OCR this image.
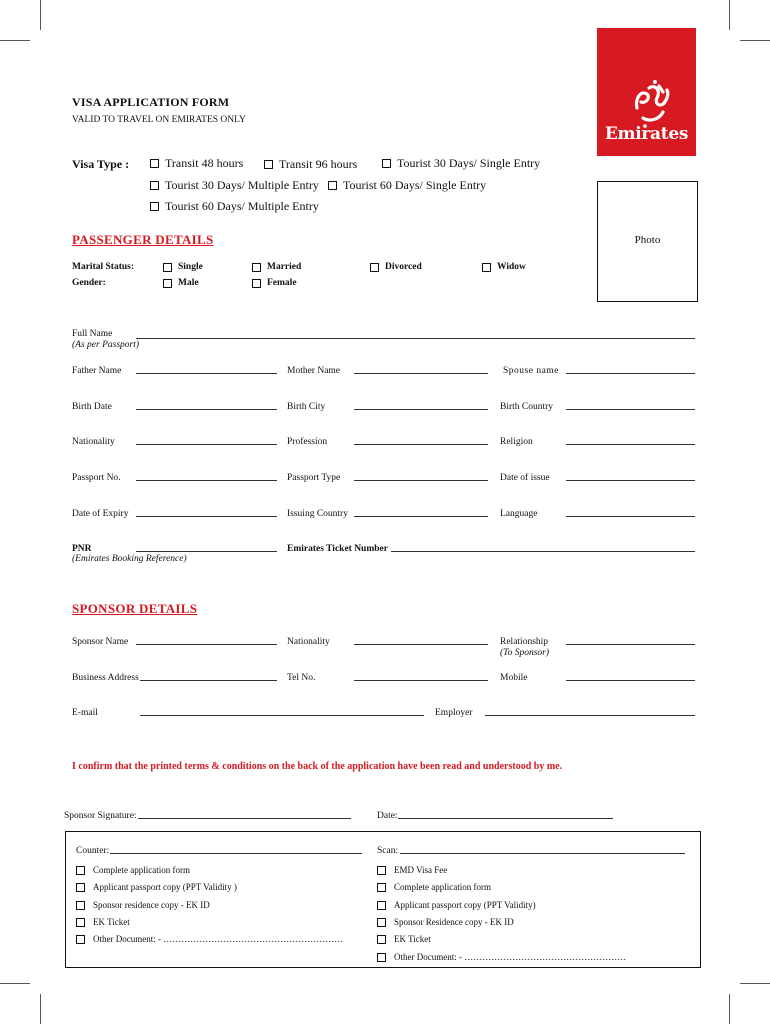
VISA APPLICATION FORM
VALID TO TRAVEL ON EMIRATES ONLY
Emirates
Visa Type :	Transit 48 hours	Transit 96 hours	Tourist 30 Days/ Single Entry
Tourist 30 Days/ Multiple Entry Tourist 60 Days/ Single Entry
Tourist 60 Days/ Multiple Entry
Photo
PASSENGER DETAILS
Marital Status:	Single	Married	Divorced	Widow
Gender:	Male	Female
Full Name
(As per Passport)
Father Name	Mother Name	Spouse name
Birth Date	Birth City	Birth Country
Nationality	Profession	Religion
Passport No.	Passport Type	Date of issue
Date of Expiry	Issuing Country	Language
PNR
(Emirates Booking Reference)
Emirates Ticket Number
SPONSOR DETAILS
Sponsor Name	Nationality	Relationship
(To Sponsor)
Business Address	Tel No.	Mobile
E-mail	Employer
I confirm that the printed terms & conditions on the back of the application have been read and understood by me.
Sponsor Signature:	Date:
Counter:	Scan:
Complete application form
Applicant passport copy (PPT Validity )
Sponsor residence copy - EK ID
EK Ticket
Other Document: - ……………………………………………………
EMD Visa Fee
Complete application form
Applicant passport copy (PPT Validity)
Sponsor Residence copy - EK ID
EK Ticket
Other Document: - ………………………………………………
